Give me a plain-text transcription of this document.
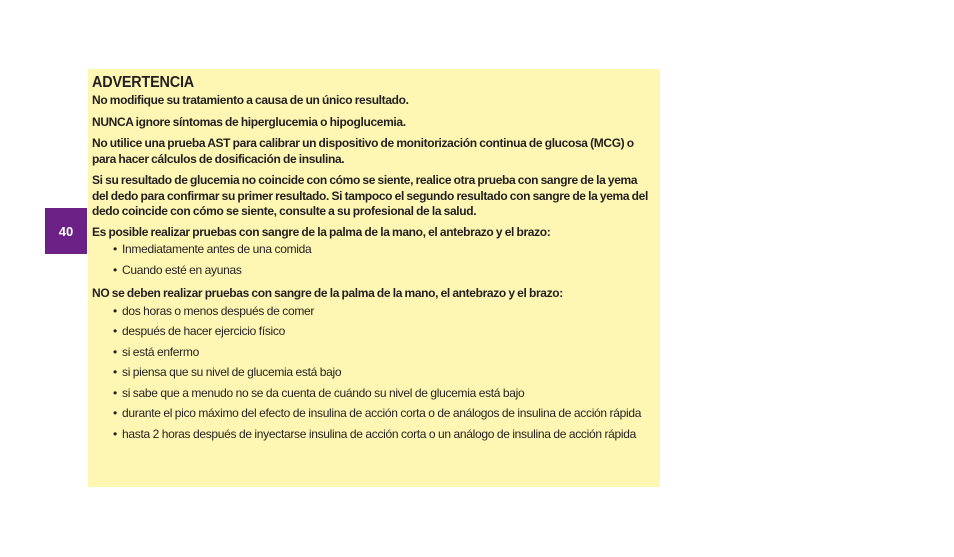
40
ADVERTENCIA

No modifique su tratamiento a causa de un único resultado.

NUNCA ignore síntomas de hiperglucemia o hipoglucemia.

No utilice una prueba AST para calibrar un dispositivo de monitorización continua de glucosa (MCG) o para hacer cálculos de dosificación de insulina.

Si su resultado de glucemia no coincide con cómo se siente, realice otra prueba con sangre de la yema del dedo para confirmar su primer resultado. Si tampoco el segundo resultado con sangre de la yema del dedo coincide con cómo se siente, consulte a su profesional de la salud.

Es posible realizar pruebas con sangre de la palma de la mano, el antebrazo y el brazo:

• Inmediatamente antes de una comida
• Cuando esté en ayunas

NO se deben realizar pruebas con sangre de la palma de la mano, el antebrazo y el brazo:

• dos horas o menos después de comer
• después de hacer ejercicio físico
• si está enfermo
• si piensa que su nivel de glucemia está bajo
• si sabe que a menudo no se da cuenta de cuándo su nivel de glucemia está bajo
• durante el pico máximo del efecto de insulina de acción corta o de análogos de insulina de acción rápida
• hasta 2 horas después de inyectarse insulina de acción corta o un análogo de insulina de acción rápida
